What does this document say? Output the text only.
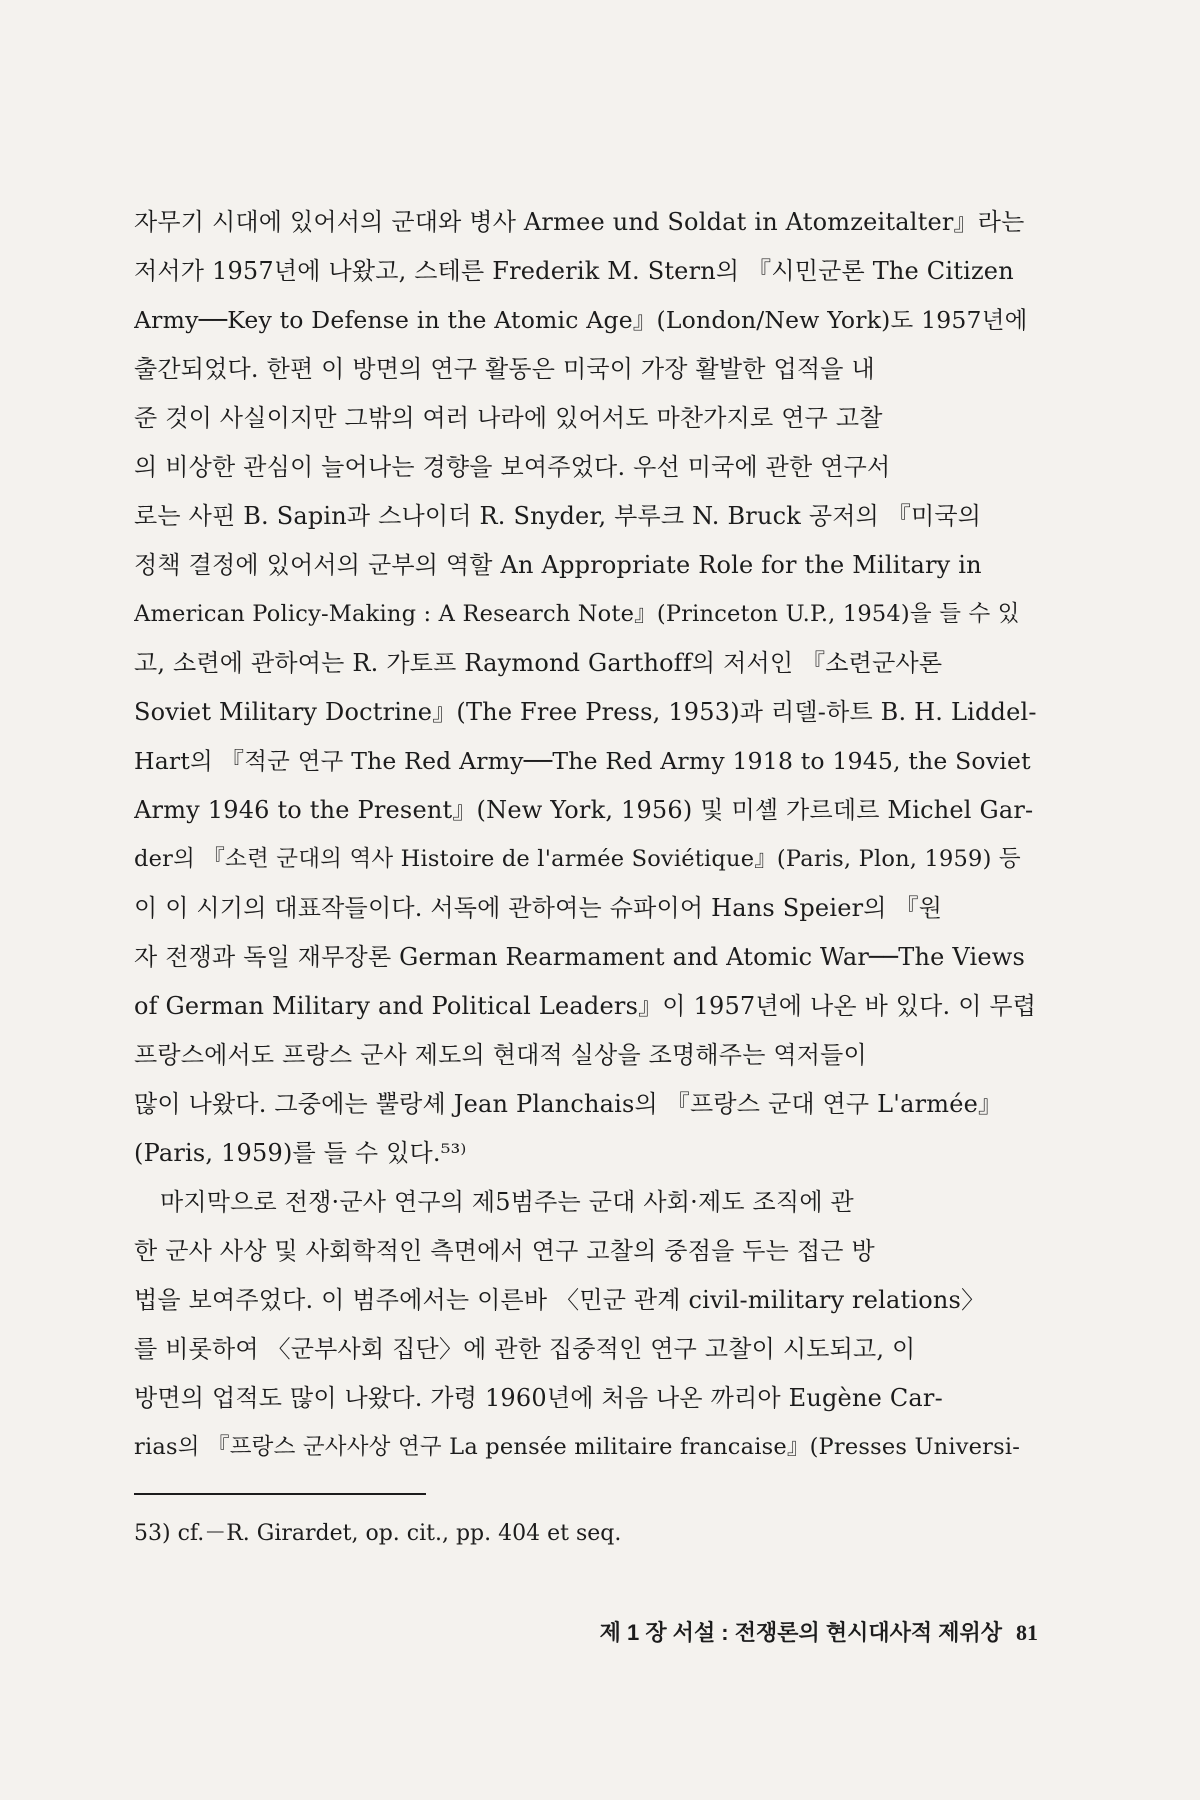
자무기 시대에 있어서의 군대와 병사 Armee und Soldat in Atomzeitalter』라는
저서가 1957년에 나왔고, 스테른 Frederik M. Stern의 『시민군론 The Citizen
Army──Key to Defense in the Atomic Age』(London/New York)도 1957년에
출간되었다. 한편 이 방면의 연구 활동은 미국이 가장 활발한 업적을 내
준 것이 사실이지만 그밖의 여러 나라에 있어서도 마찬가지로 연구 고찰
의 비상한 관심이 늘어나는 경향을 보여주었다. 우선 미국에 관한 연구서
로는 사핀 B. Sapin과 스나이더 R. Snyder, 부루크 N. Bruck 공저의 『미국의
정책 결정에 있어서의 군부의 역할 An Appropriate Role for the Military in
American Policy-Making : A Research Note』(Princeton U.P., 1954)을 들 수 있
고, 소련에 관하여는 R. 가토프 Raymond Garthoff의 저서인 『소련군사론
Soviet Military Doctrine』(The Free Press, 1953)과 리델-하트 B. H. Liddel-
Hart의 『적군 연구 The Red Army──The Red Army 1918 to 1945, the Soviet
Army 1946 to the Present』(New York, 1956) 및 미셸 가르데르 Michel Gar-
der의 『소련 군대의 역사 Histoire de l'armée Soviétique』(Paris, Plon, 1959) 등
이 이 시기의 대표작들이다. 서독에 관하여는 슈파이어 Hans Speier의 『원
자 전쟁과 독일 재무장론 German Rearmament and Atomic War──The Views
of German Military and Political Leaders』이 1957년에 나온 바 있다. 이 무렵
프랑스에서도 프랑스 군사 제도의 현대적 실상을 조명해주는 역저들이
많이 나왔다. 그중에는 뿔랑셰 Jean Planchais의 『프랑스 군대 연구 L'armée』
(Paris, 1959)를 들 수 있다.⁵³⁾
마지막으로 전쟁·군사 연구의 제5범주는 군대 사회·제도 조직에 관
한 군사 사상 및 사회학적인 측면에서 연구 고찰의 중점을 두는 접근 방
법을 보여주었다. 이 범주에서는 이른바 〈민군 관계 civil-military relations〉
를 비롯하여 〈군부사회 집단〉에 관한 집중적인 연구 고찰이 시도되고, 이
방면의 업적도 많이 나왔다. 가령 1960년에 처음 나온 까리아 Eugène Car-
rias의 『프랑스 군사사상 연구 La pensée militaire francaise』(Presses Universi-
53) cf.－R. Girardet, op. cit., pp. 404 et seq.
제 1 장 서설 : 전쟁론의 현시대사적 제위상 81
